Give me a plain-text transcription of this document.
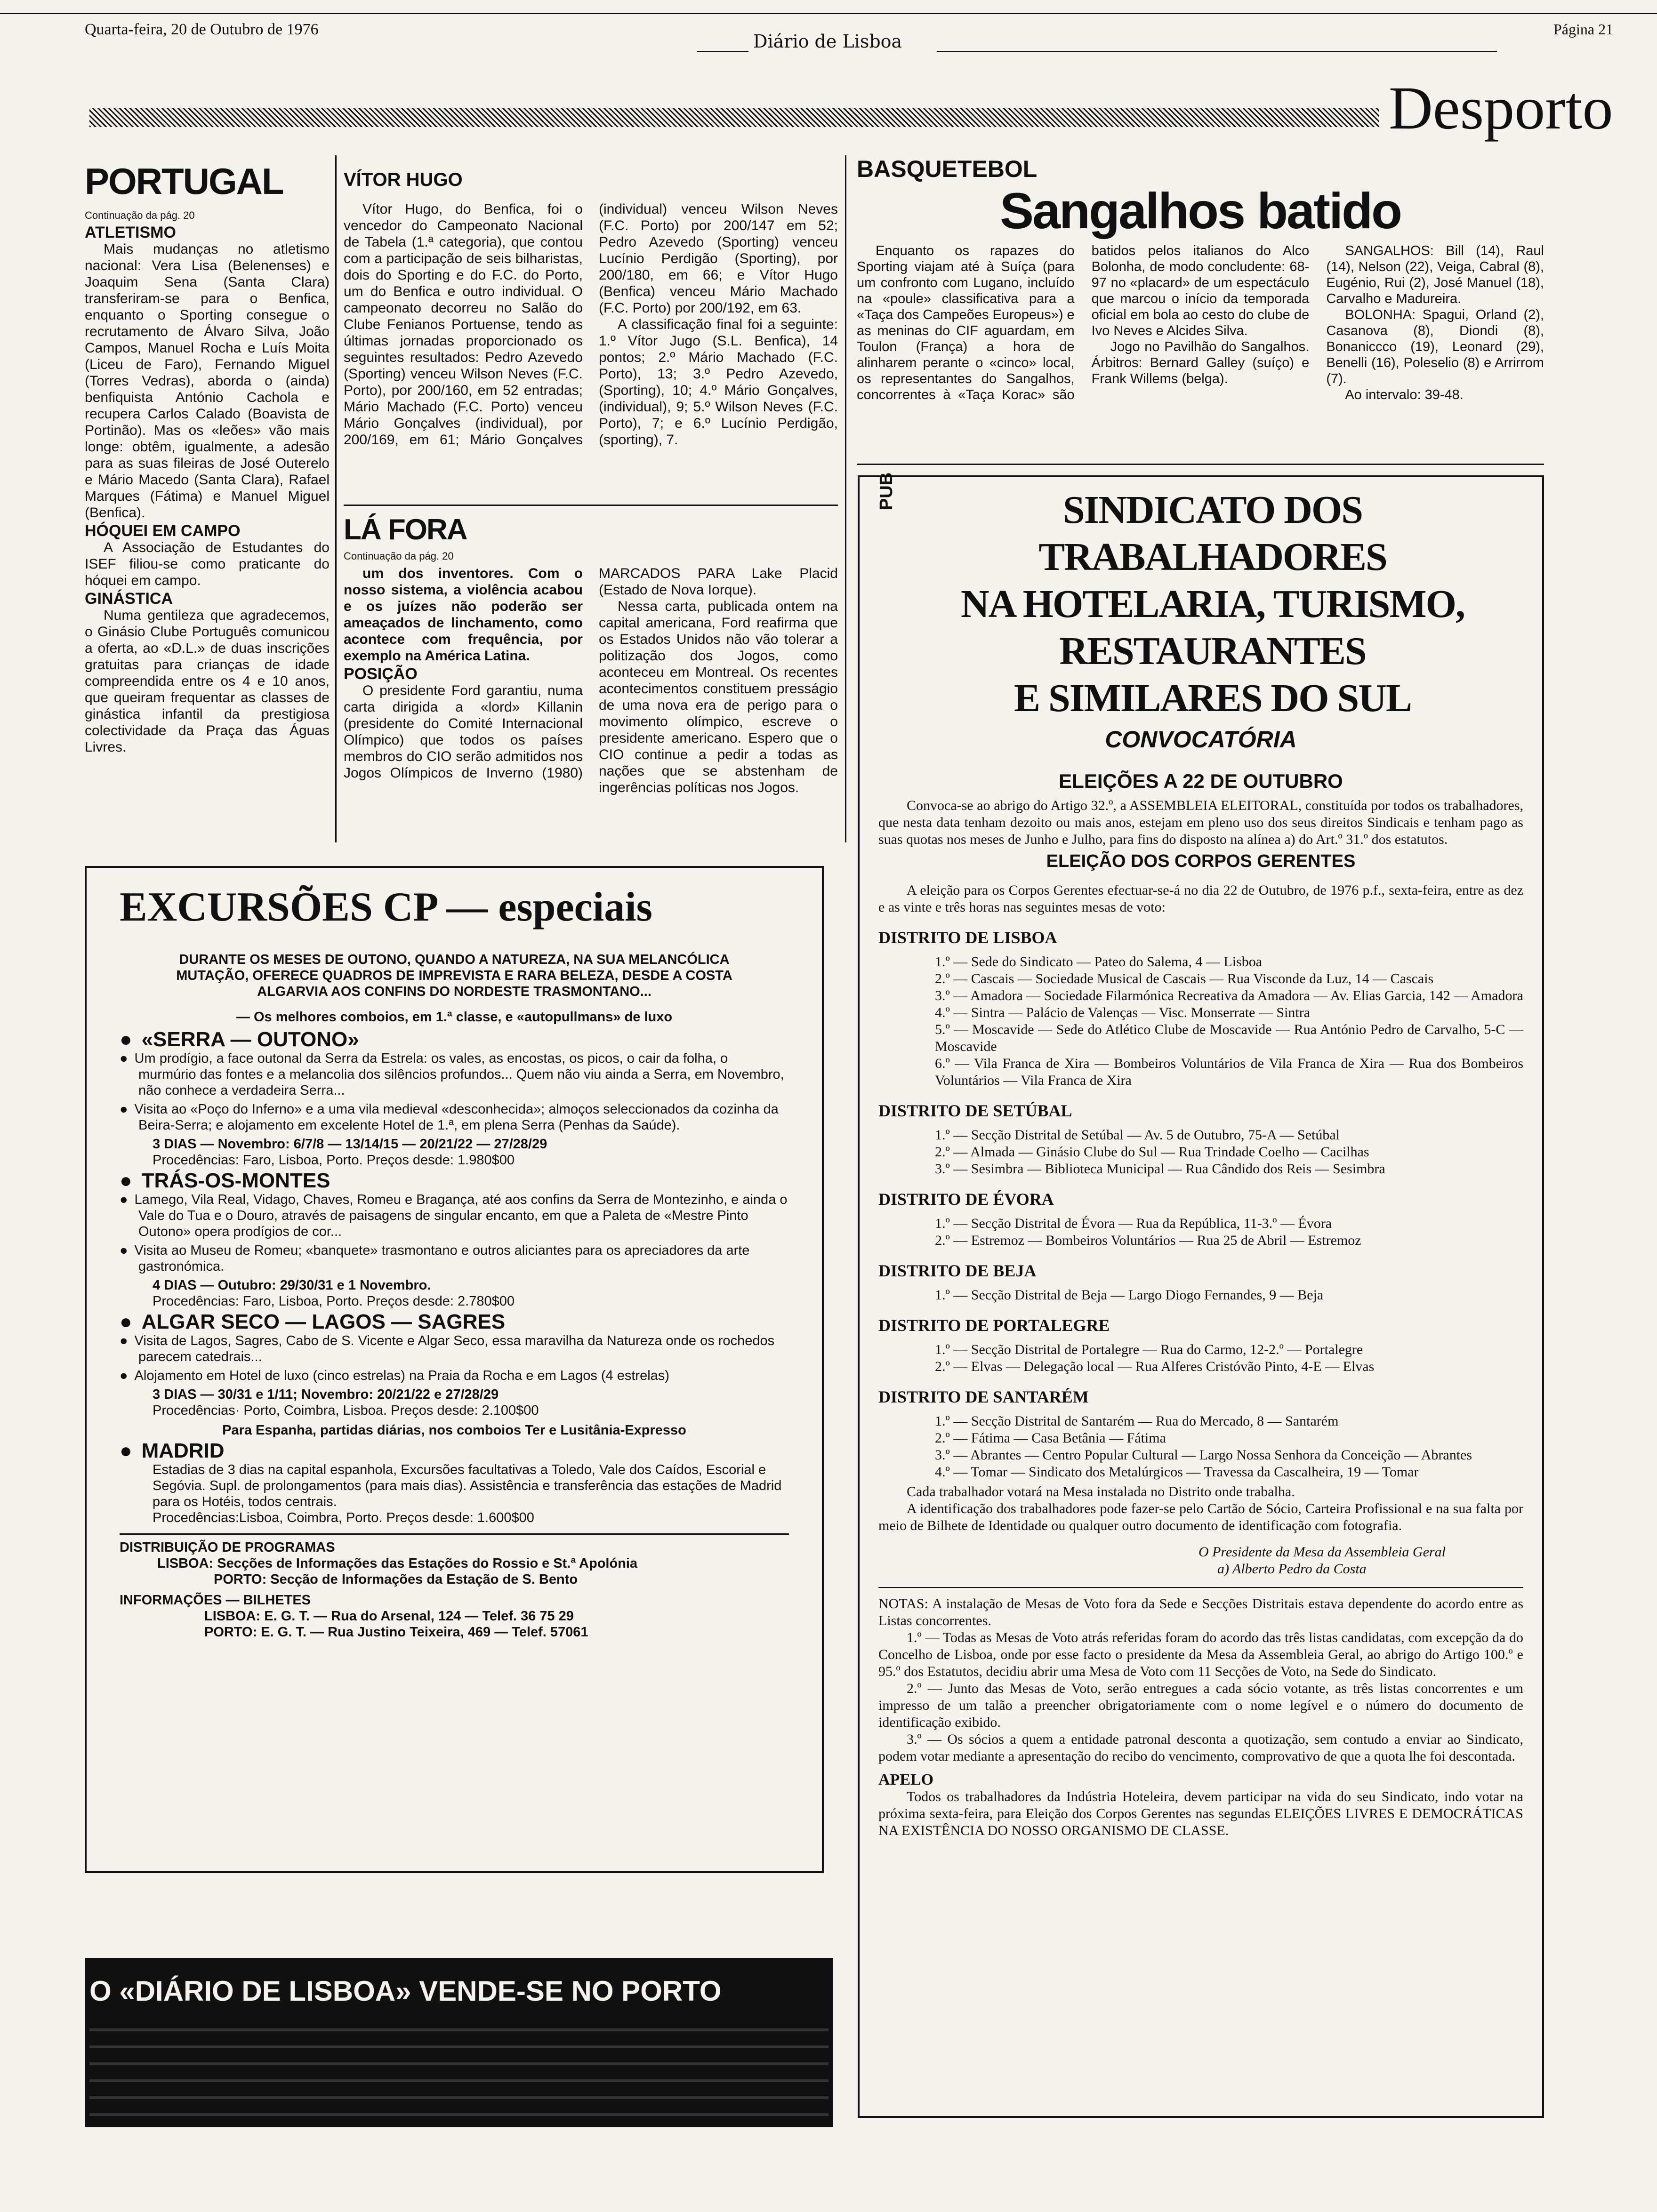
Quarta-feira, 20 de Outubro de 1976
Diário de Lisboa
Página 21
Desporto
PORTUGAL
Continuação da pág. 20

ATLETISMO

Mais mudanças no atletismo nacional: Vera Lisa (Belenenses) e Joaquim Sena (Santa Clara) transferiram-se para o Benfica, enquanto o Sporting consegue o recrutamento de Álvaro Silva, João Campos, Manuel Rocha e Luís Moita (Liceu de Faro), Fernando Miguel (Torres Vedras), aborda o (ainda) benfiquista António Cachola e recupera Carlos Calado (Boavista de Portinão). Mas os «leões» vão mais longe: obtêm, igualmente, a adesão para as suas fileiras de José Outerelo e Mário Macedo (Santa Clara), Rafael Marques (Fátima) e Manuel Miguel (Benfica).

HÓQUEI EM CAMPO

A Associação de Estudantes do ISEF filiou-se como praticante do hóquei em campo.

GINÁSTICA

Numa gentileza que agradecemos, o Ginásio Clube Português comunicou a oferta, ao «D.L.» de duas inscrições gratuitas para crianças de idade compreendida entre os 4 e 10 anos, que queiram frequentar as classes de ginástica infantil da prestigiosa colectividade da Praça das Águas Livres.

VÍTOR HUGO

Vítor Hugo, do Benfica, foi o vencedor do Campeonato Nacional de Tabela (1.ª categoria), que contou com a participação de seis bilharistas, dois do Sporting e do F.C. do Porto, um do Benfica e outro individual. O campeonato decorreu no Salão do Clube Fenianos Portuense, tendo as últimas jornadas proporcionado os seguintes resultados: Pedro Azevedo (Sporting) venceu Wilson Neves (F.C. Porto), por 200/160, em 52 entradas; Mário Machado (F.C. Porto) venceu Mário Gonçalves (individual), por 200/169, em 61; Mário Gonçalves (individual) venceu Wilson Neves (F.C. Porto) por 200/147 em 52; Pedro Azevedo (Sporting) venceu Lucínio Perdigão (Sporting), por 200/180, em 66; e Vítor Hugo (Benfica) venceu Mário Machado (F.C. Porto) por 200/192, em 63.

A classificação final foi a seguinte: 1.º Vítor Jugo (S.L. Benfica), 14 pontos; 2.º Mário Machado (F.C. Porto), 13; 3.º Pedro Azevedo, (Sporting), 10; 4.º Mário Gonçalves, (individual), 9; 5.º Wilson Neves (F.C. Porto), 7; e 6.º Lucínio Perdigão, (sporting), 7.

LÁ FORA
Continuação da pág. 20

um dos inventores. Com o nosso sistema, a violência acabou e os juízes não poderão ser ameaçados de linchamento, como acontece com frequência, por exemplo na América Latina.

POSIÇÃO

O presidente Ford garantiu, numa carta dirigida a «lord» Killanin (presidente do Comité Internacional Olímpico) que todos os países membros do CIO serão admitidos nos Jogos Olímpicos de Inverno (1980) MARCADOS PARA Lake Placid (Estado de Nova Iorque).

Nessa carta, publicada ontem na capital americana, Ford reafirma que os Estados Unidos não vão tolerar a politização dos Jogos, como aconteceu em Montreal. Os recentes acontecimentos constituem presságio de uma nova era de perigo para o movimento olímpico, escreve o presidente americano. Espero que o CIO continue a pedir a todas as nações que se abstenham de ingerências políticas nos Jogos.

BASQUETEBOL
Sangalhos batido

Enquanto os rapazes do Sporting viajam até à Suíça (para um confronto com Lugano, incluído na «poule» classificativa para a «Taça dos Campeões Europeus») e as meninas do CIF aguardam, em Toulon (França) a hora de alinharem perante o «cinco» local, os representantes do Sangalhos, concorrentes à «Taça Korac» são batidos pelos italianos do Alco Bolonha, de modo concludente: 68-97 no «placard» de um espectáculo que marcou o início da temporada oficial em bola ao cesto do clube de Ivo Neves e Alcides Silva.

Jogo no Pavilhão do Sangalhos. Árbitros: Bernard Galley (suíço) e Frank Willems (belga).

SANGALHOS: Bill (14), Raul (14), Nelson (22), Veiga, Cabral (8), Eugénio, Rui (2), José Manuel (18), Carvalho e Madureira.

BOLONHA: Spagui, Orland (2), Casanova (8), Diondi (8), Bonaniccco (19), Leonard (29), Benelli (16), Poleselio (8) e Arrirrom (7).

Ao intervalo: 39-48.

EXCURSÕES CP — especiais
DURANTE OS MESES DE OUTONO, QUANDO A NATUREZA, NA SUA MELANCÓLICA MUTAÇÃO, OFERECE QUADROS DE IMPREVISTA E RARA BELEZA, DESDE A COSTA ALGARVIA AOS CONFINS DO NORDESTE TRASMONTANO...
— Os melhores comboios, em 1.ª classe, e «autopullmans» de luxo
● «SERRA — OUTONO»
● Um prodígio, a face outonal da Serra da Estrela: os vales, as encostas, os picos, o cair da folha, o murmúrio das fontes e a melancolia dos silêncios profundos... Quem não viu ainda a Serra, em Novembro, não conhece a verdadeira Serra...
● Visita ao «Poço do Inferno» e a uma vila medieval «desconhecida»; almoços seleccionados da cozinha da Beira-Serra; e alojamento em excelente Hotel de 1.ª, em plena Serra (Penhas da Saúde).
3 DIAS — Novembro: 6/7/8 — 13/14/15 — 20/21/22 — 27/28/29
Procedências: Faro, Lisboa, Porto. Preços desde: 1.980$00
● TRÁS-OS-MONTES
● Lamego, Vila Real, Vidago, Chaves, Romeu e Bragança, até aos confins da Serra de Montezinho, e ainda o Vale do Tua e o Douro, através de paisagens de singular encanto, em que a Paleta de «Mestre Pinto Outono» opera prodígios de cor...
● Visita ao Museu de Romeu; «banquete» trasmontano e outros aliciantes para os apreciadores da arte gastronómica.
4 DIAS — Outubro: 29/30/31 e 1 Novembro.
Procedências: Faro, Lisboa, Porto. Preços desde: 2.780$00
● ALGAR SECO — LAGOS — SAGRES
● Visita de Lagos, Sagres, Cabo de S. Vicente e Algar Seco, essa maravilha da Natureza onde os rochedos parecem catedrais...
● Alojamento em Hotel de luxo (cinco estrelas) na Praia da Rocha e em Lagos (4 estrelas)
3 DIAS — 30/31 e 1/11; Novembro: 20/21/22 e 27/28/29
Procedências· Porto, Coimbra, Lisboa. Preços desde: 2.100$00
Para Espanha, partidas diárias, nos comboios Ter e Lusitânia-Expresso
● MADRID
Estadias de 3 dias na capital espanhola, Excursões facultativas a Toledo, Vale dos Caídos, Escorial e Segóvia. Supl. de prolongamentos (para mais dias). Assistência e transferência das estações de Madrid para os Hotéis, todos centrais.
Procedências:Lisboa, Coimbra, Porto. Preços desde: 1.600$00
DISTRIBUIÇÃO DE PROGRAMAS
LISBOA: Secções de Informações das Estações do Rossio e St.ª Apolónia
PORTO: Secção de Informações da Estação de S. Bento
INFORMAÇÕES — BILHETES
LISBOA: E. G. T. — Rua do Arsenal, 124 — Telef. 36 75 29
PORTO: E. G. T. — Rua Justino Teixeira, 469 — Telef. 57061
O «DIÁRIO DE LISBOA» VENDE-SE NO PORTO
PUB	SINDICATO DOS TRABALHADORES
NA HOTELARIA, TURISMO, RESTAURANTES
E SIMILARES DO SUL
CONVOCATÓRIA
ELEIÇÕES A 22 DE OUTUBRO

Convoca-se ao abrigo do Artigo 32.º, a ASSEMBLEIA ELEITORAL, constituída por todos os trabalhadores, que nesta data tenham dezoito ou mais anos, estejam em pleno uso dos seus direitos Sindicais e tenham pago as suas quotas nos meses de Junho e Julho, para fins do disposto na alínea a) do Art.º 31.º dos estatutos.

ELEIÇÃO DOS CORPOS GERENTES

A eleição para os Corpos Gerentes efectuar-se-á no dia 22 de Outubro, de 1976 p.f., sexta-feira, entre as dez e as vinte e três horas nas seguintes mesas de voto:

DISTRITO DE LISBOA

1.º — Sede do Sindicato — Pateo do Salema, 4 — Lisboa

2.º — Cascais — Sociedade Musical de Cascais — Rua Visconde da Luz, 14 — Cascais

3.º — Amadora — Sociedade Filarmónica Recreativa da Amadora — Av. Elias Garcia, 142 — Amadora

4.º — Sintra — Palácio de Valenças — Visc. Monserrate — Sintra

5.º — Moscavide — Sede do Atlético Clube de Moscavide — Rua António Pedro de Carvalho, 5-C — Moscavide

6.º — Vila Franca de Xira — Bombeiros Voluntários de Vila Franca de Xira — Rua dos Bombeiros Voluntários — Vila Franca de Xira

DISTRITO DE SETÚBAL

1.º — Secção Distrital de Setúbal — Av. 5 de Outubro, 75-A — Setúbal

2.º — Almada — Ginásio Clube do Sul — Rua Trindade Coelho — Cacilhas

3.º — Sesimbra — Biblioteca Municipal — Rua Cândido dos Reis — Sesimbra

DISTRITO DE ÉVORA

1.º — Secção Distrital de Évora — Rua da República, 11-3.º — Évora

2.º — Estremoz — Bombeiros Voluntários — Rua 25 de Abril — Estremoz

DISTRITO DE BEJA

1.º — Secção Distrital de Beja — Largo Diogo Fernandes, 9 — Beja

DISTRITO DE PORTALEGRE

1.º — Secção Distrital de Portalegre — Rua do Carmo, 12-2.º — Portalegre

2.º — Elvas — Delegação local — Rua Alferes Cristóvão Pinto, 4-E — Elvas

DISTRITO DE SANTARÉM

1.º — Secção Distrital de Santarém — Rua do Mercado, 8 — Santarém

2.º — Fátima — Casa Betânia — Fátima

3.º — Abrantes — Centro Popular Cultural — Largo Nossa Senhora da Conceição — Abrantes

4.º — Tomar — Sindicato dos Metalúrgicos — Travessa da Cascalheira, 19 — Tomar

Cada trabalhador votará na Mesa instalada no Distrito onde trabalha.

A identificação dos trabalhadores pode fazer-se pelo Cartão de Sócio, Carteira Profissional e na sua falta por meio de Bilhete de Identidade ou qualquer outro documento de identificação com fotografia.

O Presidente da Mesa da Assembleia Geral

a) Alberto Pedro da Costa

NOTAS: A instalação de Mesas de Voto fora da Sede e Secções Distritais estava dependente do acordo entre as Listas concorrentes.

1.º — Todas as Mesas de Voto atrás referidas foram do acordo das três listas candidatas, com excepção da do Concelho de Lisboa, onde por esse facto o presidente da Mesa da Assembleia Geral, ao abrigo do Artigo 100.º e 95.º dos Estatutos, decidiu abrir uma Mesa de Voto com 11 Secções de Voto, na Sede do Sindicato.

2.º — Junto das Mesas de Voto, serão entregues a cada sócio votante, as três listas concorrentes e um impresso de um talão a preencher obrigatoriamente com o nome legível e o número do documento de identificação exibido.

3.º — Os sócios a quem a entidade patronal desconta a quotização, sem contudo a enviar ao Sindicato, podem votar mediante a apresentação do recibo do vencimento, comprovativo de que a quota lhe foi descontada.

APELO

Todos os trabalhadores da Indústria Hoteleira, devem participar na vida do seu Sindicato, indo votar na próxima sexta-feira, para Eleição dos Corpos Gerentes nas segundas ELEIÇÕES LIVRES E DEMOCRÁTICAS NA EXISTÊNCIA DO NOSSO ORGANISMO DE CLASSE.
